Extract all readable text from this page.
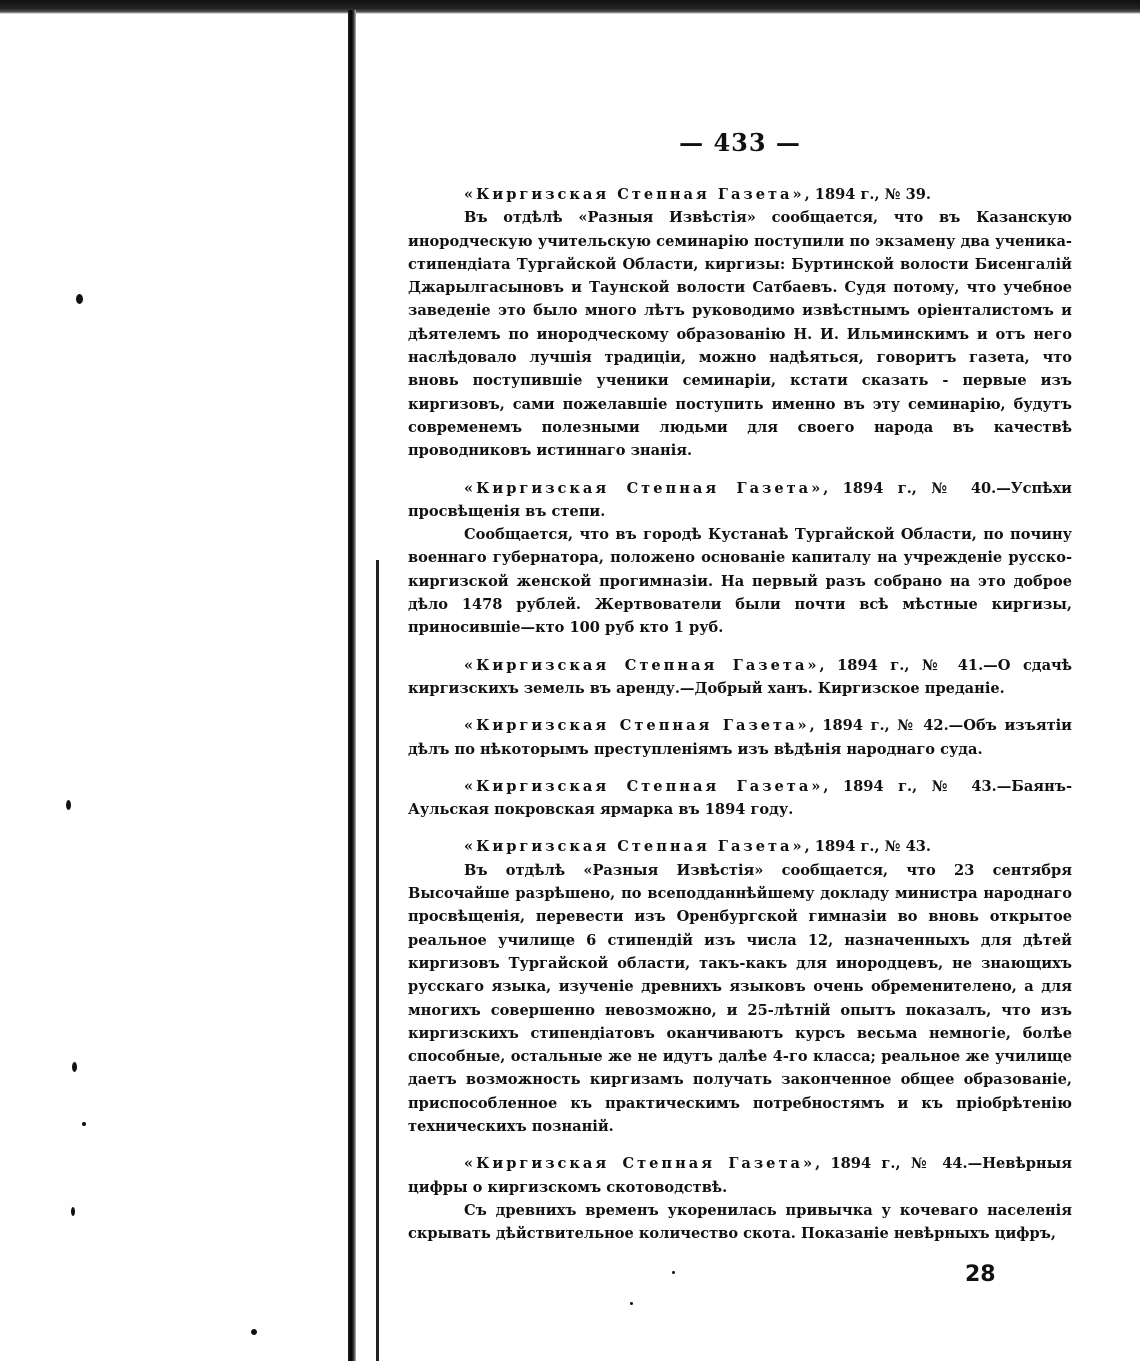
— 433 —

«Киргизская Степная Газета», 1894 г., № 39.

Въ отдѣлѣ «Разныя Извѣстія» сообщается, что въ Казанскую инородческую учительскую семинарію поступили по экзамену два ученика-стипендіата Тургайской Области, киргизы: Буртинской волости Бисенгалій Джарылгасыновъ и Таунской волости Сатбаевъ. Судя потому, что учебное заведеніе это было много лѣтъ руководимо извѣстнымъ оріенталистомъ и дѣятелемъ по инородческому образованію Н. И. Ильминскимъ и отъ него наслѣдовало лучшія традиціи, можно надѣяться, говоритъ газета, что вновь поступившіе ученики семинаріи, кстати сказать - первые изъ киргизовъ, сами пожелавшіе поступить именно въ эту семинарію, будутъ современемъ полезными людьми для своего народа въ качествѣ проводниковъ истиннаго знанія.

«Киргизская Степная Газета», 1894 г., № 40.—Успѣхи просвѣщенія въ степи.

Сообщается, что въ городѣ Кустанаѣ Тургайской Области, по почину военнаго губернатора, положено основаніе капиталу на учрежденіе русско-киргизской женской прогимназіи. На первый разъ собрано на это доброе дѣло 1478 рублей. Жертвователи были почти всѣ мѣстные киргизы, приносившіе—кто 100 руб кто 1 руб.

«Киргизская Степная Газета», 1894 г., № 41.—О сдачѣ киргизскихъ земель въ аренду.—Добрый ханъ. Киргизское преданіе.

«Киргизская Степная Газета», 1894 г., № 42.—Объ изъятіи дѣлъ по нѣкоторымъ преступленіямъ изъ вѣдѣнія народнаго суда.

«Киргизская Степная Газета», 1894 г., № 43.—Баянъ-Аульская покровская ярмарка въ 1894 году.

«Киргизская Степная Газета», 1894 г., № 43.

Въ отдѣлѣ «Разныя Извѣстія» сообщается, что 23 сентября Высочайше разрѣшено, по всеподданнѣйшему докладу министра народнаго просвѣщенія, перевести изъ Оренбургской гимназіи во вновь открытое реальное училище 6 стипендій изъ числа 12, назначенныхъ для дѣтей киргизовъ Тургайской области, такъ-какъ для инородцевъ, не знающихъ русскаго языка, изученіе древнихъ языковъ очень обременителено, а для многихъ совершенно невозможно, и 25-лѣтній опытъ показалъ, что изъ киргизскихъ стипендіатовъ оканчиваютъ курсъ весьма немногіе, болѣе способные, остальные же не идутъ далѣе 4-го класса; реальное же училище даетъ возможность киргизамъ получать законченное общее образованіе, приспособленное къ практическимъ потребностямъ и къ пріобрѣтенію техническихъ познаній.

«Киргизская Степная Газета», 1894 г., № 44.—Невѣрныя цифры о киргизскомъ скотоводствѣ.

Съ древнихъ временъ укоренилась привычка у кочеваго населенія скрывать дѣйствительное количество скота. Показаніе невѣрныхъ цифръ,

28
